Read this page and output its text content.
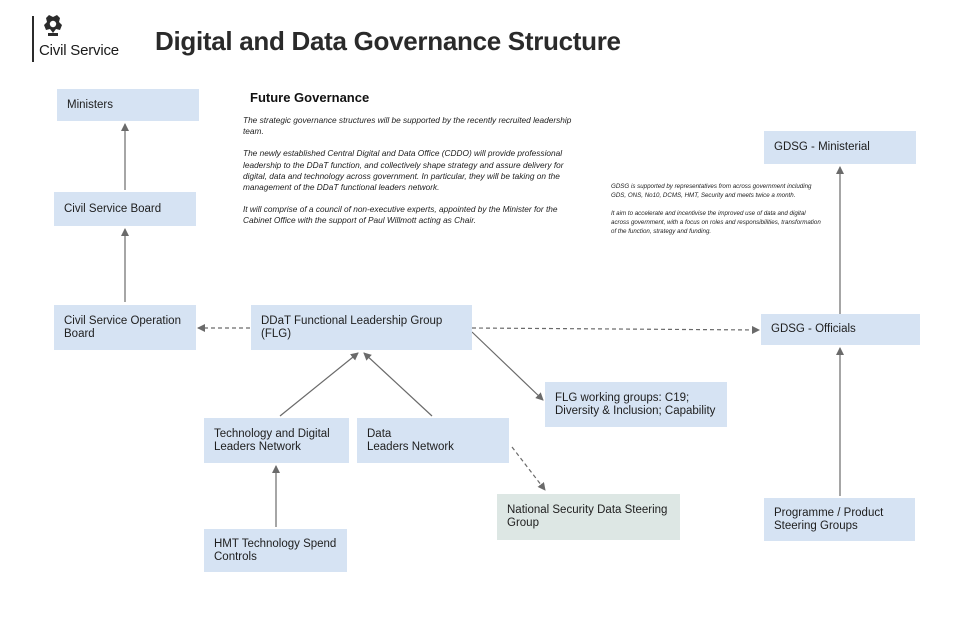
Civil Service Digital and Data Governance Structure
Future Governance

The strategic governance structures will be supported by the recently recruited leadership team.

The newly established Central Digital and Data Office (CDDO) will provide professional leadership to the DDaT function, and collectively shape strategy and assure delivery for digital, data and technology across government. In particular, they will be taking on the management of the DDaT functional leaders network.

It will comprise of a council of non-executive experts, appointed by the Minister for the Cabinet Office with the support of Paul Willmott acting as Chair.

GDSG is supported by representatives from across government including GDS, ONS, No10, DCMS, HMT, Security and meets twice a month.

It aim to accelerate and incentivise the improved use of data and digital across government, with a focus on roles and responsibilities, transformation of the function, strategy and funding.

Ministers
Civil Service Board
Civil Service Operation
Board
DDaT Functional Leadership Group
(FLG)
GDSG - Ministerial
GDSG - Officials
FLG working groups: C19;
Diversity & Inclusion; Capability
Technology and Digital
Leaders Network
Data
Leaders Network
National Security Data Steering
Group
HMT Technology Spend
Controls
Programme / Product
Steering Groups
